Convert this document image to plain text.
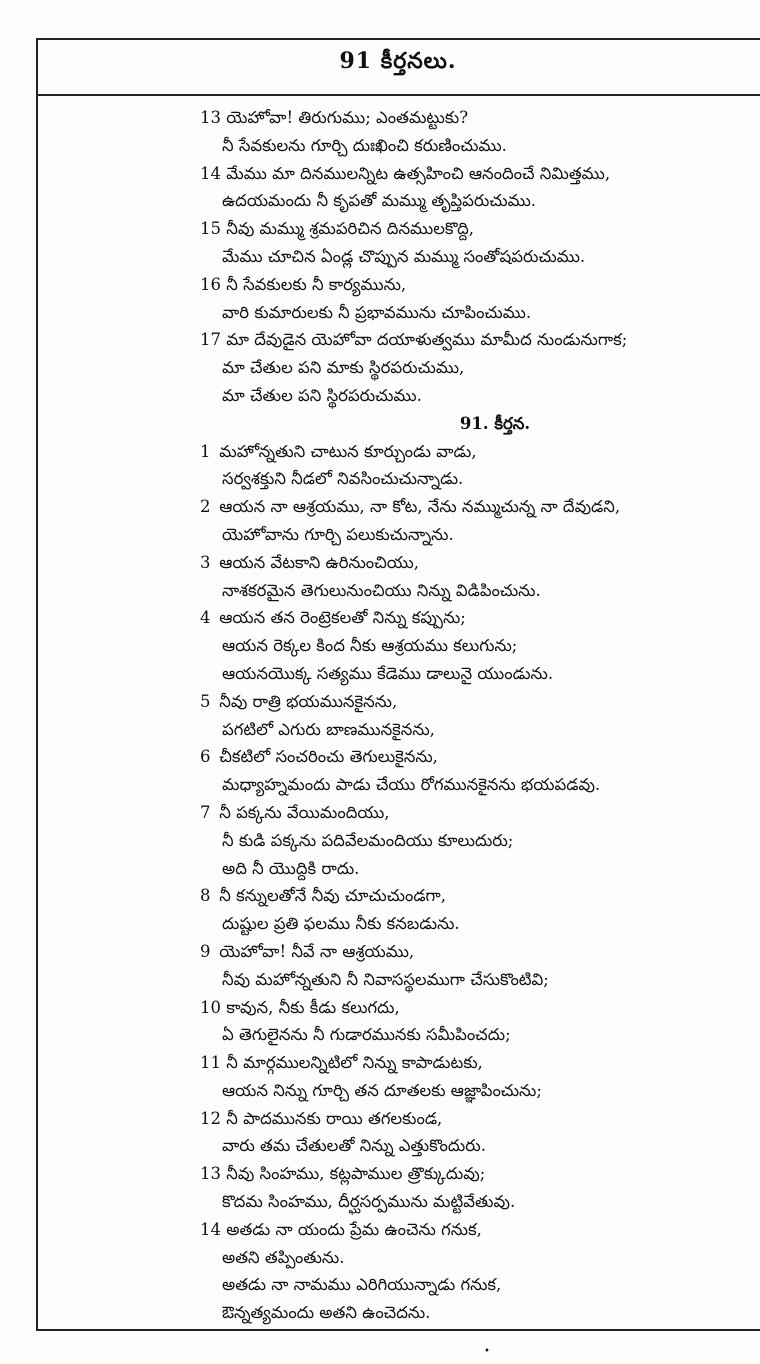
91 కీర్తనలు.
13 యెహోవా! తిరుగుము; ఎంతమట్టుకు?
నీ సేవకులను గూర్చి దుఃఖించి కరుణించుము.
14 మేము మా దినములన్నిట ఉత్సహించి ఆనందించే నిమిత్తము,
ఉదయమందు నీ కృపతో మమ్ము తృప్తిపరుచుము.
15 నీవు మమ్ము శ్రమపరిచిన దినములకొద్ది,
మేము చూచిన ఏండ్ల చొప్పున మమ్ము సంతోషపరుచుము.
16 నీ సేవకులకు నీ కార్యమును,
వారి కుమారులకు నీ ప్రభావమును చూపించుము.
17 మా దేవుడైన యెహోవా దయాళుత్వము మామీద నుండునుగాక;
మా చేతుల పని మాకు స్థిరపరుచుము,
మా చేతుల పని స్థిరపరుచుము.
91. కీర్తన.
1 మహోన్నతుని చాటున కూర్చుండు వాడు,
సర్వశక్తుని నీడలో నివసించుచున్నాడు.
2 ఆయన నా ఆశ్రయము, నా కోట, నేను నమ్ముచున్న నా దేవుడని,
యెహోవాను గూర్చి పలుకుచున్నాను.
3 ఆయన వేటకాని ఉరినుంచియు,
నాశకరమైన తెగులునుంచియు నిన్ను విడిపించును.
4 ఆయన తన రెంట్రెకలతో నిన్ను కప్పును;
ఆయన రెక్కల కింద నీకు ఆశ్రయము కలుగును;
ఆయనయొక్క సత్యము కేడెము డాలునై యుండును.
5 నీవు రాత్రి భయమునకైనను,
పగటిలో ఎగురు బాణమునకైనను,
6 చీకటిలో సంచరించు తెగులుకైనను,
మధ్యాహ్నమందు పాడు చేయు రోగమునకైనను భయపడవు.
7 నీ పక్కను వేయిమందియు,
నీ కుడి పక్కను పదివేలమందియు కూలుదురు;
అది నీ యొద్దికి రాదు.
8 నీ కన్నులతోనే నీవు చూచుచుండగా,
దుష్టుల ప్రతి ఫలము నీకు కనబడును.
9 యెహోవా! నీవే నా ఆశ్రయము,
నీవు మహోన్నతుని నీ నివాసస్థలముగా చేసుకొంటివి;
10 కావున, నీకు కీడు కలుగదు,
ఏ తెగులైనను నీ గుడారమునకు సమీపించదు;
11 నీ మార్గములన్నిటిలో నిన్ను కాపాడుటకు,
ఆయన నిన్ను గూర్చి తన దూతలకు ఆజ్ఞాపించును;
12 నీ పాదమునకు రాయి తగలకుండ,
వారు తమ చేతులతో నిన్ను ఎత్తుకొందురు.
13 నీవు సింహము, కట్లపాముల త్రొక్కుదువు;
కొదమ సింహము, దీర్ఘసర్పమును మట్టివేతువు.
14 అతడు నా యందు ప్రేమ ఉంచెను గనుక,
అతని తప్పింతును.
అతడు నా నామము ఎరిగియున్నాడు గనుక,
ఔన్నత్యమందు అతని ఉంచెదను.
•
